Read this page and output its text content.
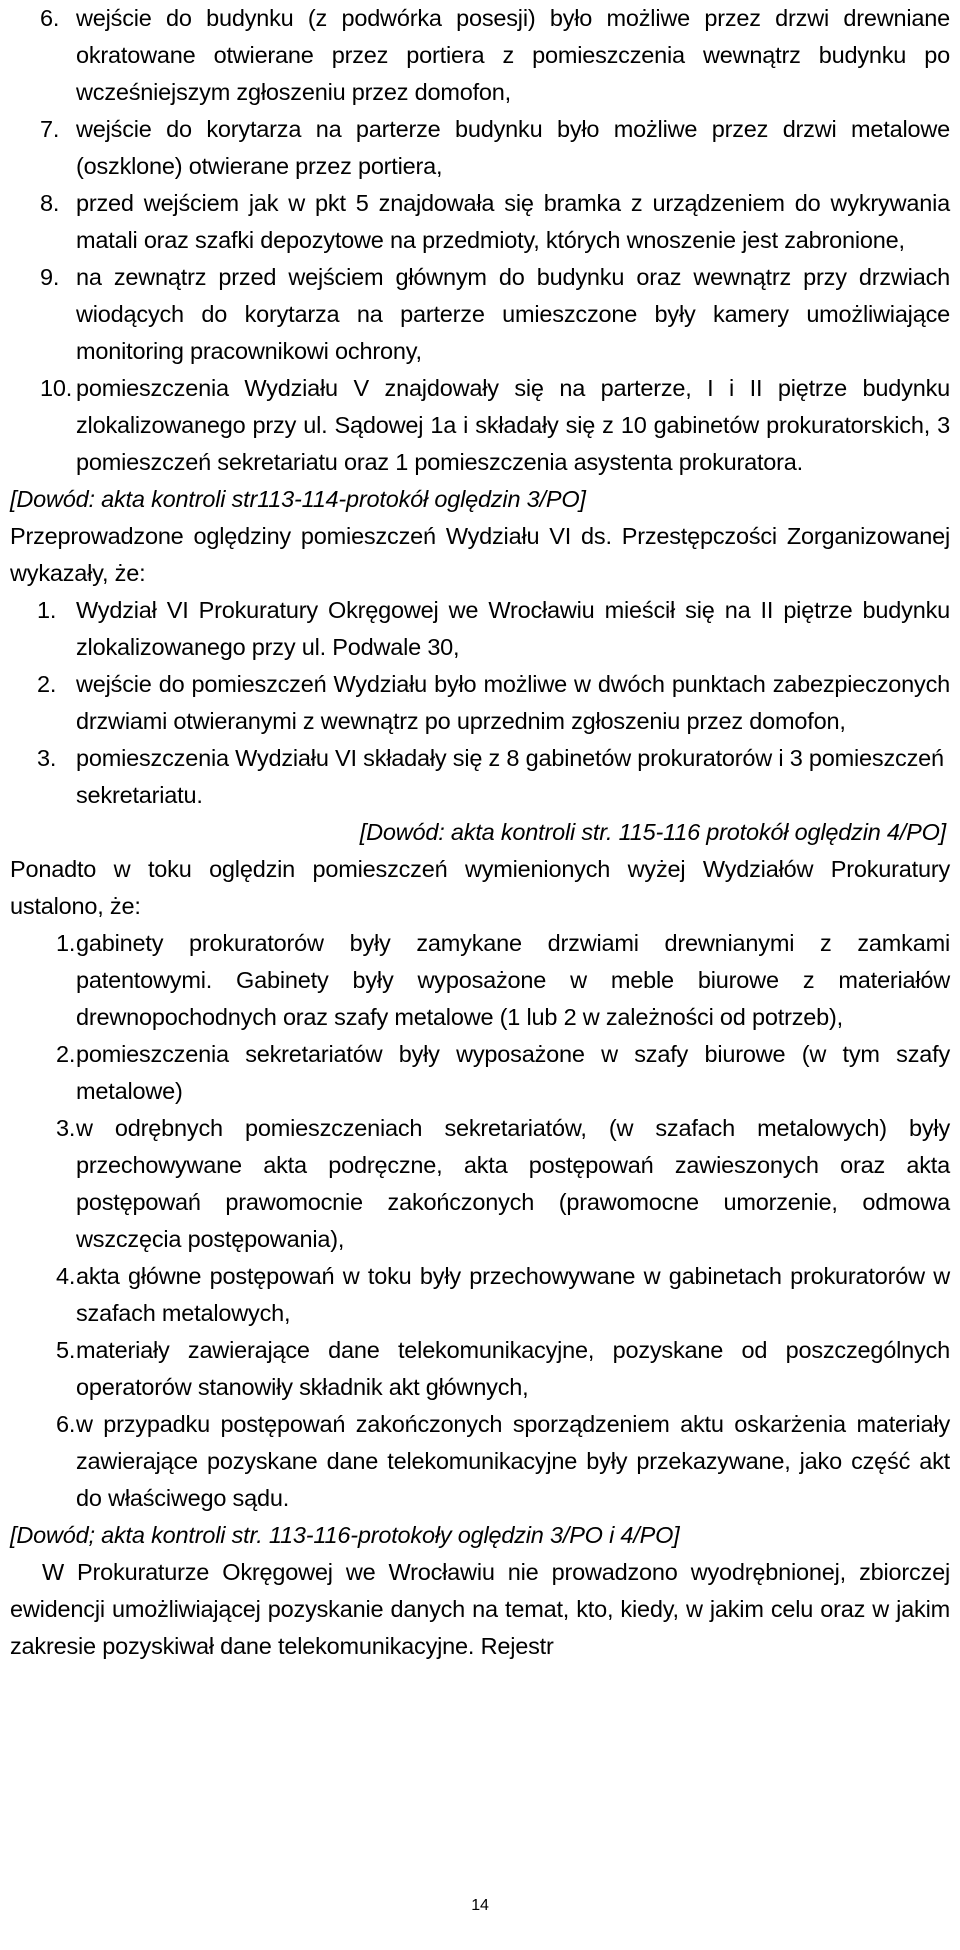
6. wejście do budynku (z podwórka posesji) było możliwe przez drzwi drewniane okratowane otwierane przez portiera z pomieszczenia wewnątrz budynku po wcześniejszym zgłoszeniu przez domofon,
7. wejście do korytarza na parterze budynku było możliwe przez drzwi metalowe (oszklone) otwierane przez portiera,
8. przed wejściem jak w pkt 5 znajdowała się bramka z urządzeniem do wykrywania matali oraz szafki depozytowe na przedmioty, których wnoszenie jest zabronione,
9. na zewnątrz przed wejściem głównym do budynku oraz wewnątrz przy drzwiach wiodących do korytarza na parterze umieszczone były kamery umożliwiające monitoring pracownikowi ochrony,
10. pomieszczenia Wydziału V znajdowały się na parterze, I i II piętrze budynku zlokalizowanego przy ul. Sądowej 1a i składały się z 10 gabinetów prokuratorskich, 3 pomieszczeń sekretariatu oraz 1 pomieszczenia asystenta prokuratora.

[Dowód: akta kontroli str113-114-protokół oględzin 3/PO]

Przeprowadzone oględziny pomieszczeń Wydziału VI ds. Przestępczości Zorganizowanej wykazały, że:

1. Wydział VI Prokuratury Okręgowej we Wrocławiu mieścił się na II piętrze budynku zlokalizowanego przy ul. Podwale 30,
2. wejście do pomieszczeń Wydziału było możliwe w dwóch punktach zabezpieczonych drzwiami otwieranymi z wewnątrz po uprzednim zgłoszeniu przez domofon,
3. pomieszczenia Wydziału VI składały się z 8 gabinetów prokuratorów i 3 pomieszczeń sekretariatu.

[Dowód: akta kontroli str. 115-116 protokół oględzin 4/PO]

Ponadto w toku oględzin pomieszczeń wymienionych wyżej Wydziałów Prokuratury ustalono, że:

1. gabinety prokuratorów były zamykane drzwiami drewnianymi z zamkami patentowymi. Gabinety były wyposażone w meble biurowe z materiałów drewnopochodnych oraz szafy metalowe (1 lub 2 w zależności od potrzeb),
2. pomieszczenia sekretariatów były wyposażone w szafy biurowe (w tym szafy metalowe)
3. w odrębnych pomieszczeniach sekretariatów, (w szafach metalowych) były przechowywane akta podręczne, akta postępowań zawieszonych oraz akta postępowań prawomocnie zakończonych (prawomocne umorzenie, odmowa wszczęcia postępowania),
4. akta główne postępowań w toku były przechowywane w gabinetach prokuratorów w szafach metalowych,
5. materiały zawierające dane telekomunikacyjne, pozyskane od poszczególnych operatorów stanowiły składnik akt głównych,
6. w przypadku postępowań zakończonych sporządzeniem aktu oskarżenia materiały zawierające pozyskane dane telekomunikacyjne były przekazywane, jako część akt do właściwego sądu.

[Dowód; akta kontroli str. 113-116-protokoły oględzin 3/PO i 4/PO]

W Prokuraturze Okręgowej we Wrocławiu nie prowadzono wyodrębnionej, zbiorczej ewidencji umożliwiającej pozyskanie danych na temat, kto, kiedy, w jakim celu oraz w jakim zakresie pozyskiwał dane telekomunikacyjne. Rejestr

14
